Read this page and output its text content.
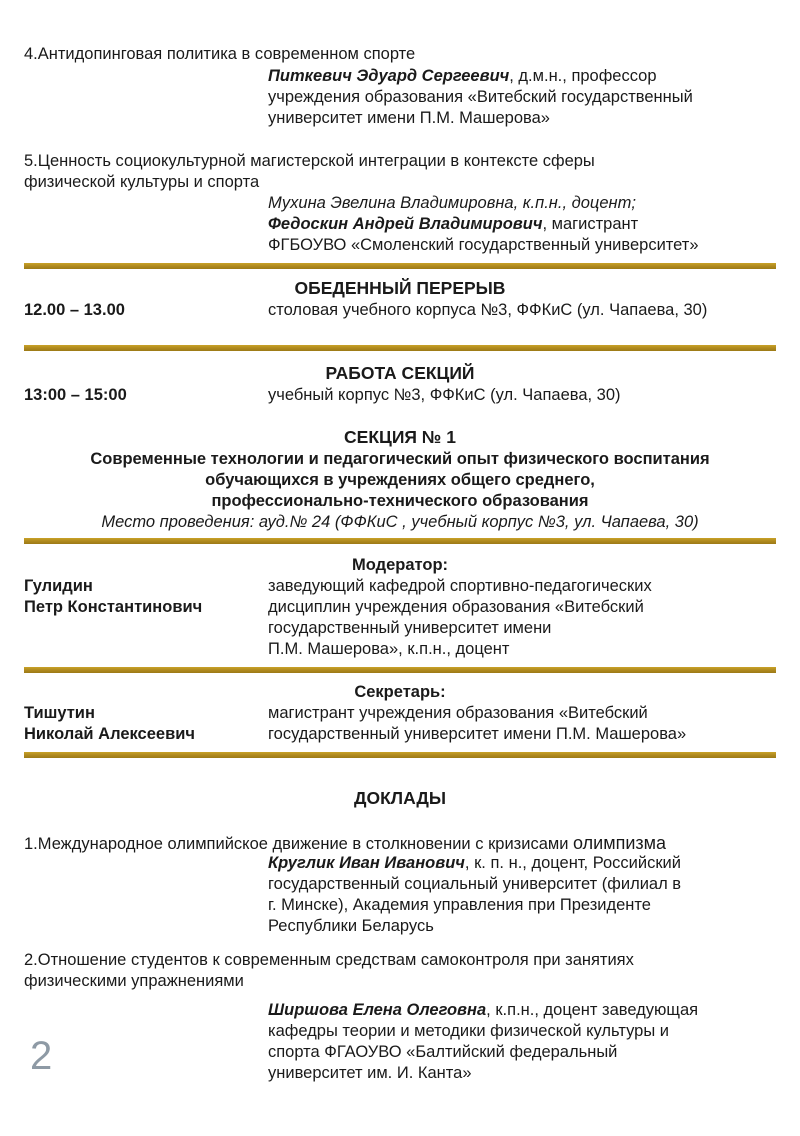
4.Антидопинговая политика в современном спорте
Питкевич Эдуард Сергеевич, д.м.н., профессор
учреждения образования «Витебский государственный
университет имени П.М. Машерова»
5.Ценность социокультурной магистерской интеграции в контексте сферы
физической культуры и спорта
Мухина Эвелина Владимировна, к.п.н., доцент;
Федоскин Андрей Владимирович, магистрант
ФГБОУВО «Смоленский государственный университет»
ОБЕДЕННЫЙ ПЕРЕРЫВ
12.00 – 13.00	столовая учебного корпуса №3, ФФКиС (ул. Чапаева, 30)
РАБОТА СЕКЦИЙ
13:00 – 15:00	учебный корпус №3, ФФКиС (ул. Чапаева, 30)
СЕКЦИЯ № 1
Современные технологии и педагогический опыт физического воспитания
обучающихся в учреждениях общего среднего,
профессионально-технического образования
Место проведения: ауд.№ 24 (ФФКиС , учебный корпус №3, ул. Чапаева, 30)
Модератор:
Гулидин
Петр Константинович
заведующий кафедрой спортивно-педагогических
дисциплин учреждения образования «Витебский
государственный университет имени
П.М. Машерова», к.п.н., доцент
Секретарь:
Тишутин
Николай Алексеевич
магистрант учреждения образования «Витебский
государственный университет имени П.М. Машерова»
ДОКЛАДЫ
1.Международное олимпийское движение в столкновении с кризисами олимпизма
Круглик Иван Иванович, к. п. н., доцент, Российский
государственный социальный университет (филиал в
г. Минске), Академия управления при Президенте
Республики Беларусь
2.Отношение студентов к современным средствам самоконтроля при занятиях
физическими упражнениями
Ширшова Елена Олеговна, к.п.н., доцент заведующая
кафедры теории и методики физической культуры и
спорта ФГАОУВО «Балтийский федеральный
университет им. И. Канта»
2
